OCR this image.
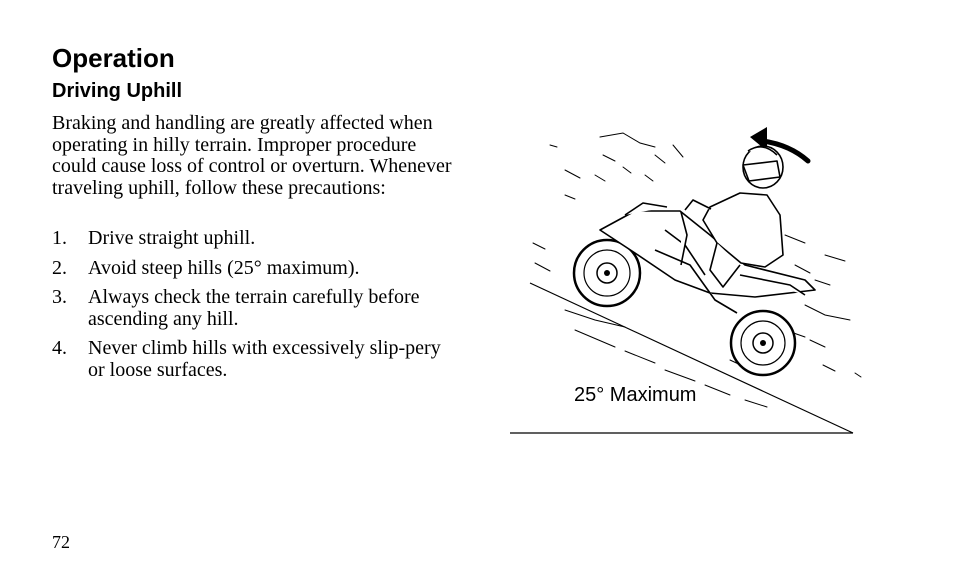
Operation
Driving Uphill

Braking and handling are greatly affected when operating in hilly terrain. Improper procedure could cause loss of control or overturn. Whenever traveling uphill, follow these precautions:

1.	Drive straight uphill.
2.	Avoid steep hills (25° maximum).
3.	Always check the terrain carefully before ascending any hill.
4.	Never climb hills with excessively slip-pery or loose surfaces.
25° Maximum
72
